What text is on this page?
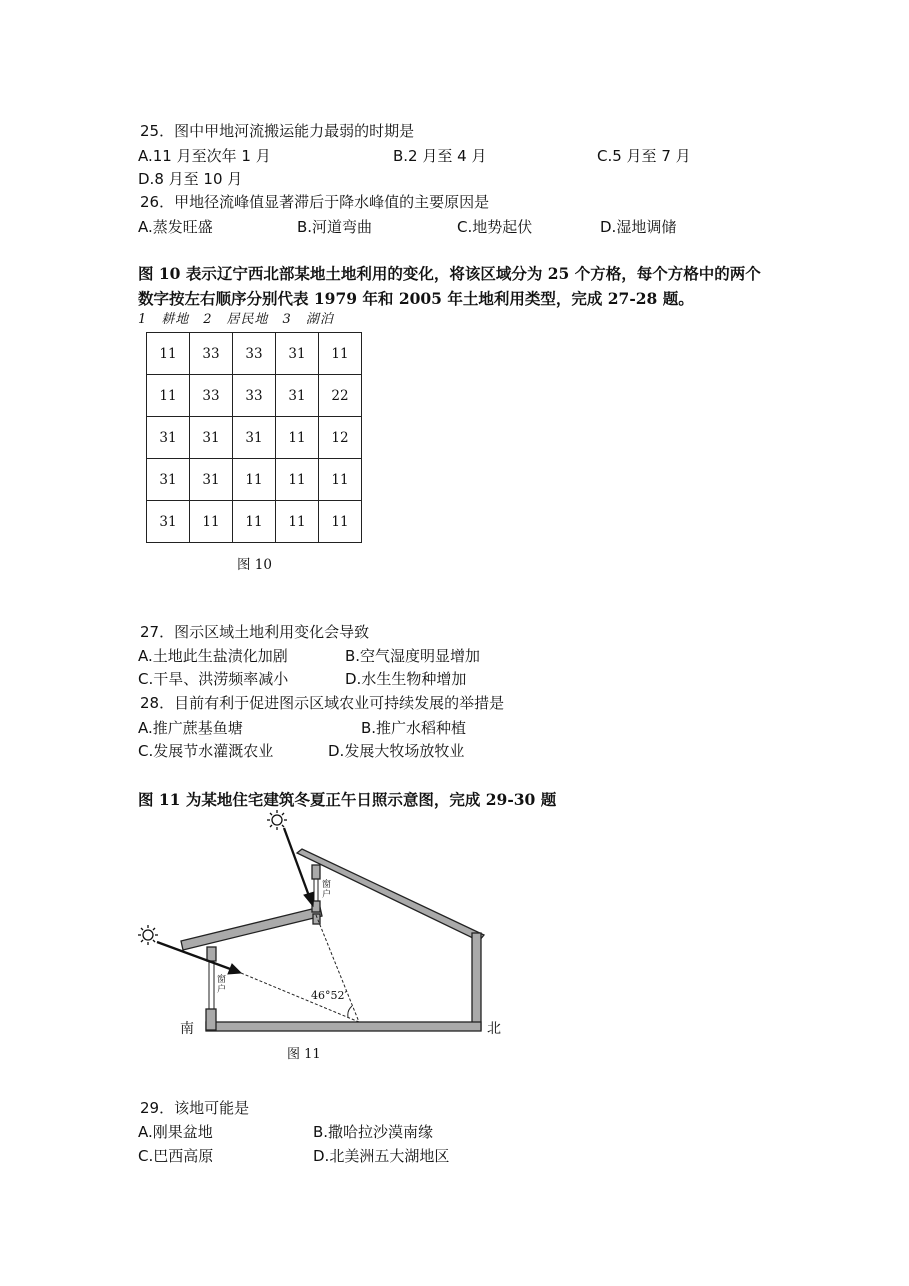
25．图中甲地河流搬运能力最弱的时期是
A.11 月至次年 1 月	B.2 月至 4 月	C.5 月至 7 月
D.8 月至 10 月
26．甲地径流峰值显著滞后于降水峰值的主要原因是
A.蒸发旺盛	B.河道弯曲	C.地势起伏	D.湿地调储
图 10 表示辽宁西北部某地土地利用的变化，将该区域分为 25 个方格，每个方格中的两个
数字按左右顺序分别代表 1979 年和 2005 年土地利用类型，完成 27-28 题。
1　耕地　2　居民地　3　湖泊
11	33	33	31	11
11	33	33	31	22
31	31	31	11	12
31	31	11	11	11
31	11	11	11	11
图 10
27．图示区域土地利用变化会导致
A.土地此生盐渍化加剧	B.空气湿度明显增加
C.干旱、洪涝频率减小	D.水生生物种增加
28．目前有利于促进图示区域农业可持续发展的举措是
A.推广蔗基鱼塘	B.推广水稻种植
C.发展节水灌溉农业	D.发展大牧场放牧业
图 11 为某地住宅建筑冬夏正午日照示意图，完成 29-30 题
窗户
窗户	46°52′
南	北
图 11
29．该地可能是
A.刚果盆地	B.撒哈拉沙漠南缘
C.巴西高原	D.北美洲五大湖地区
